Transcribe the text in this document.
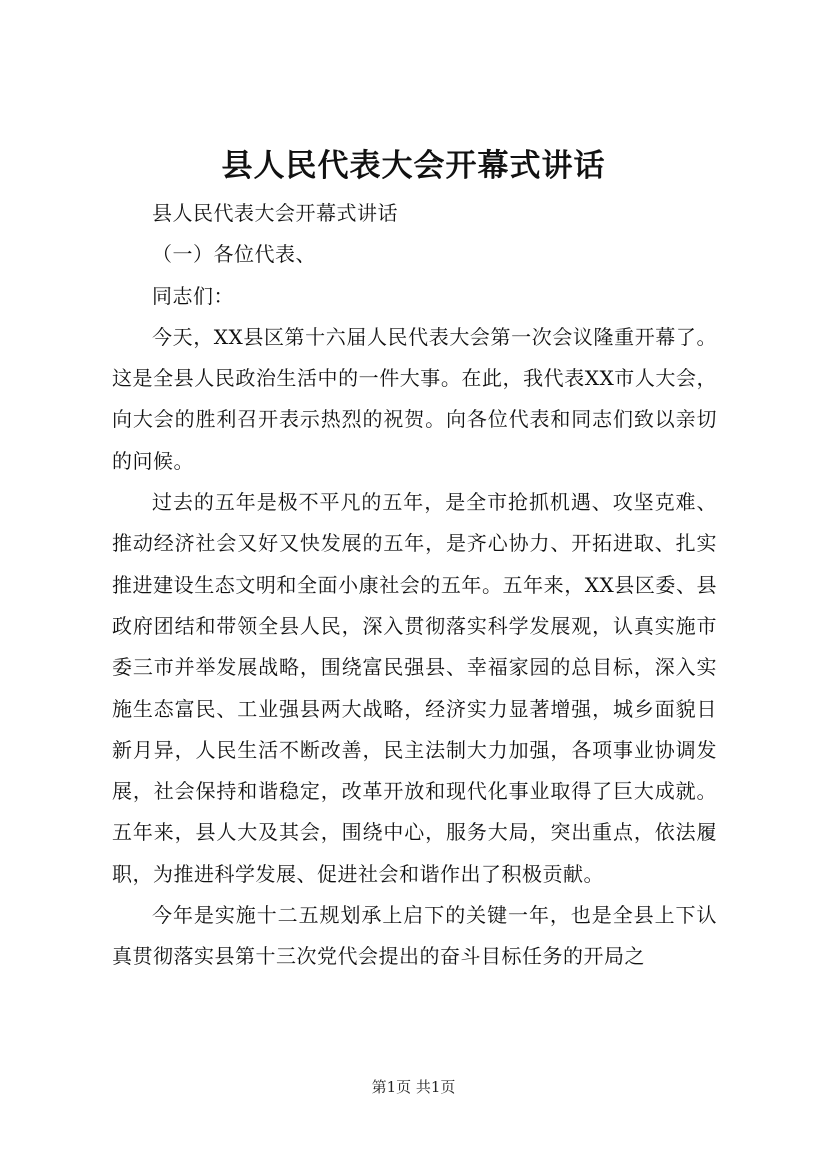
县人民代表大会开幕式讲话

县人民代表大会开幕式讲话

（一）各位代表、

同志们：

今天，XX县区第十六届人民代表大会第一次会议隆重开幕了。这是全县人民政治生活中的一件大事。在此，我代表XX市人大会，向大会的胜利召开表示热烈的祝贺。向各位代表和同志们致以亲切的问候。

过去的五年是极不平凡的五年，是全市抢抓机遇、攻坚克难、推动经济社会又好又快发展的五年，是齐心协力、开拓进取、扎实推进建设生态文明和全面小康社会的五年。五年来，XX县区委、县政府团结和带领全县人民，深入贯彻落实科学发展观，认真实施市委三市并举发展战略，围绕富民强县、幸福家园的总目标，深入实施生态富民、工业强县两大战略，经济实力显著增强，城乡面貌日新月异，人民生活不断改善，民主法制大力加强，各项事业协调发展，社会保持和谐稳定，改革开放和现代化事业取得了巨大成就。五年来，县人大及其会，围绕中心，服务大局，突出重点，依法履职，为推进科学发展、促进社会和谐作出了积极贡献。

今年是实施十二五规划承上启下的关键一年，也是全县上下认真贯彻落实县第十三次党代会提出的奋斗目标任务的开局之

第1页 共1页
